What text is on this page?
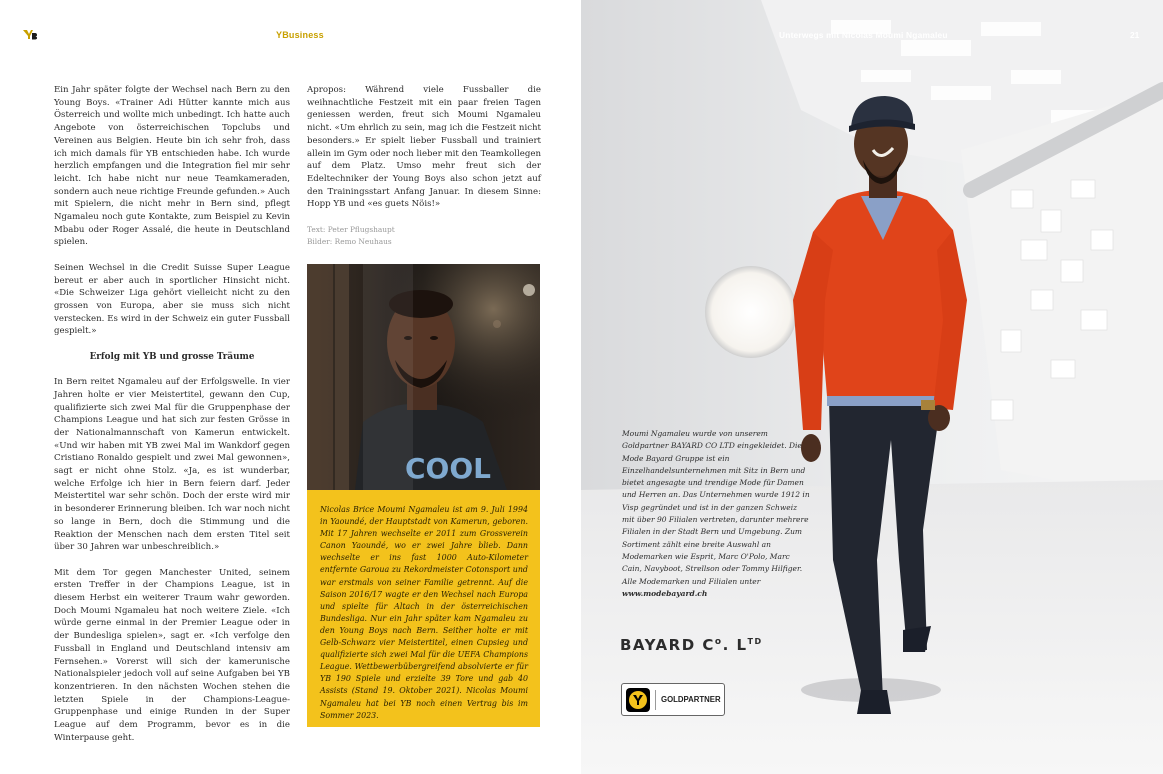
YBusiness

Ein Jahr später folgte der Wechsel nach Bern zu den Young Boys. «Trainer Adi Hütter kannte mich aus Österreich und wollte mich unbedingt. Ich hatte auch Angebote von österreichischen Topclubs und Vereinen aus Belgien. Heute bin ich sehr froh, dass ich mich damals für YB entschieden habe. Ich wurde herzlich empfangen und die Integration fiel mir sehr leicht. Ich habe nicht nur neue Teamkameraden, sondern auch neue richtige Freunde gefunden.» Auch mit Spielern, die nicht mehr in Bern sind, pflegt Ngamaleu noch gute Kontakte, zum Beispiel zu Kevin Mbabu oder Roger Assalé, die heute in Deutschland spielen.

Seinen Wechsel in die Credit Suisse Super League bereut er aber auch in sportlicher Hinsicht nicht. «Die Schweizer Liga gehört vielleicht nicht zu den grossen von Europa, aber sie muss sich nicht verstecken. Es wird in der Schweiz ein guter Fussball gespielt.»

Erfolg mit YB und grosse Träume

In Bern reitet Ngamaleu auf der Erfolgswelle. In vier Jahren holte er vier Meistertitel, gewann den Cup, qualifizierte sich zwei Mal für die Gruppenphase der Champions League und hat sich zur festen Grösse in der Nationalmannschaft von Kamerun entwickelt. «Und wir haben mit YB zwei Mal im Wankdorf gegen Cristiano Ronaldo gespielt und zwei Mal gewonnen», sagt er nicht ohne Stolz. «Ja, es ist wunderbar, welche Erfolge ich hier in Bern feiern darf. Jeder Meistertitel war sehr schön. Doch der erste wird mir in besonderer Erinnerung bleiben. Ich war noch nicht so lange in Bern, doch die Stimmung und die Reaktion der Menschen nach dem ersten Titel seit über 30 Jahren war unbeschreiblich.»

Mit dem Tor gegen Manchester United, seinem ersten Treffer in der Champions League, ist in diesem Herbst ein weiterer Traum wahr geworden. Doch Moumi Ngamaleu hat noch weitere Ziele. «Ich würde gerne einmal in der Premier League oder in der Bundesliga spielen», sagt er. «Ich verfolge den Fussball in England und Deutschland intensiv am Fernsehen.» Vorerst will sich der kamerunische Nationalspieler jedoch voll auf seine Aufgaben bei YB konzentrieren. In den nächsten Wochen stehen die letzten Spiele in der Champions-League-Gruppenphase und einige Runden in der Super League auf dem Programm, bevor es in die Winterpause geht.

Apropos: Während viele Fussballer die weihnachtliche Festzeit mit ein paar freien Tagen geniessen werden, freut sich Moumi Ngamaleu nicht. «Um ehrlich zu sein, mag ich die Festzeit nicht besonders.» Er spielt lieber Fussball und trainiert allein im Gym oder noch lieber mit den Teamkollegen auf dem Platz. Umso mehr freut sich der Edeltechniker der Young Boys also schon jetzt auf den Trainingsstart Anfang Januar. In diesem Sinne: Hopp YB und «es guets Nöis!»

Text: Peter Pflugshaupt
Bilder: Remo Neuhaus
COOL

Nicolas Brice Moumi Ngamaleu ist am 9. Juli 1994 in Yaoundé, der Hauptstadt von Kamerun, geboren. Mit 17 Jahren wechselte er 2011 zum Grossverein Canon Yaoundé, wo er zwei Jahre blieb. Dann wechselte er ins fast 1000 Auto-Kilometer entfernte Garoua zu Rekordmeister Cotonsport und war erstmals von seiner Familie getrennt. Auf die Saison 2016/17 wagte er den Wechsel nach Europa und spielte für Altach in der österreichischen Bundesliga. Nur ein Jahr später kam Ngamaleu zu den Young Boys nach Bern. Seither holte er mit Gelb-Schwarz vier Meistertitel, einen Cupsieg und qualifizierte sich zwei Mal für die UEFA Champions League. Wettbewerbübergreifend absolvierte er für YB 190 Spiele und erzielte 39 Tore und gab 40 Assists (Stand 19. Oktober 2021). Nicolas Moumi Ngamaleu hat bei YB noch einen Vertrag bis im Sommer 2023.

Unterwegs mit Nicolas Moumi Ngamaleu	21
Moumi Ngamaleu wurde von unserem Goldpartner BAYARD CO LTD eingekleidet. Die Mode Bayard Gruppe ist ein Einzelhandelsunternehmen mit Sitz in Bern und bietet angesagte und trendige Mode für Damen und Herren an. Das Unternehmen wurde 1912 in Visp gegründet und ist in der ganzen Schweiz mit über 90 Filialen vertreten, darunter mehrere Filialen in der Stadt Bern und Umgebung. Zum Sortiment zählt eine breite Auswahl an Modemarken wie Esprit, Marc O'Polo, Marc Cain, Navyboot, Strellson oder Tommy Hilfiger. Alle Modemarken und Filialen unter www.modebayard.ch
BAYARD $C^o$. $L^{TD}$
GOLDPARTNER
